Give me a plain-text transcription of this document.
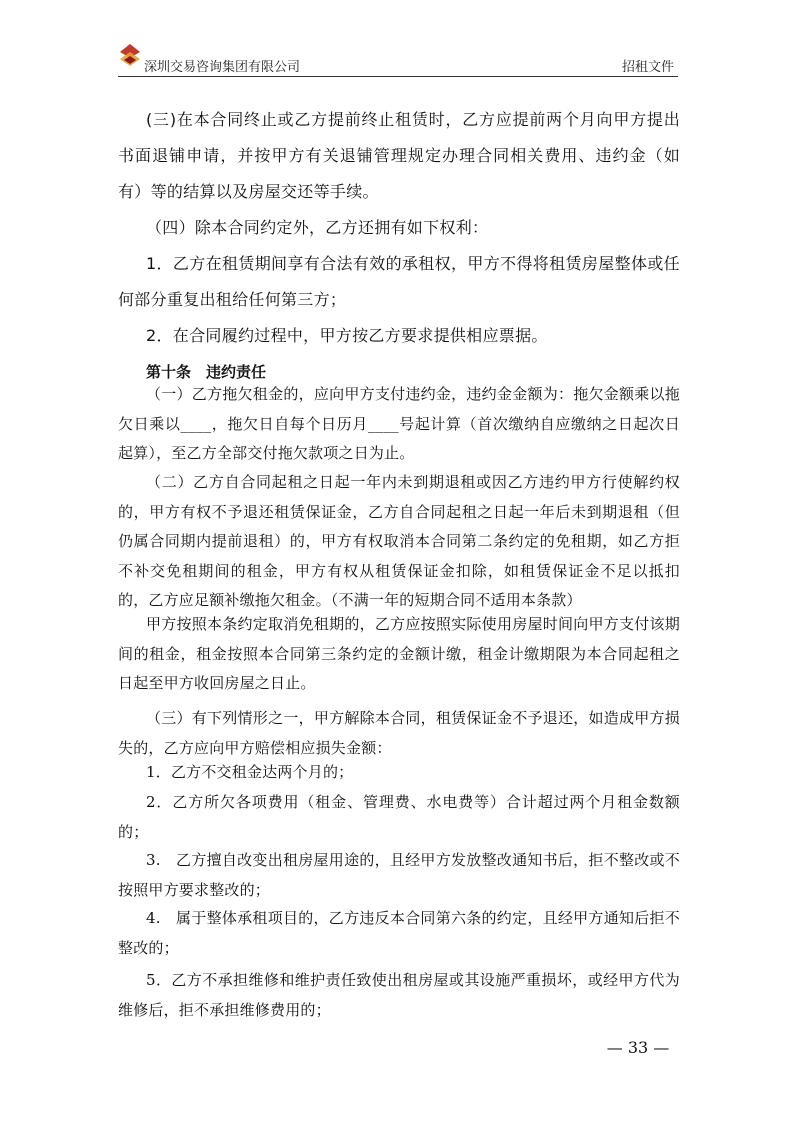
深圳交易咨询集团有限公司	招租文件

(三)在本合同终止或乙方提前终止租赁时，乙方应提前两个月向甲方提出书面退铺申请，并按甲方有关退铺管理规定办理合同相关费用、违约金（如有）等的结算以及房屋交还等手续。

（四）除本合同约定外，乙方还拥有如下权利：

1．乙方在租赁期间享有合法有效的承租权，甲方不得将租赁房屋整体或任何部分重复出租给任何第三方；

2．在合同履约过程中，甲方按乙方要求提供相应票据。

第十条　违约责任

（一）乙方拖欠租金的，应向甲方支付违约金，违约金金额为：拖欠金额乘以拖欠日乘以____，拖欠日自每个日历月____号起计算（首次缴纳自应缴纳之日起次日起算），至乙方全部交付拖欠款项之日为止。

（二）乙方自合同起租之日起一年内未到期退租或因乙方违约甲方行使解约权的，甲方有权不予退还租赁保证金，乙方自合同起租之日起一年后未到期退租（但仍属合同期内提前退租）的，甲方有权取消本合同第二条约定的免租期，如乙方拒不补交免租期间的租金，甲方有权从租赁保证金扣除，如租赁保证金不足以抵扣的，乙方应足额补缴拖欠租金。（不满一年的短期合同不适用本条款）

甲方按照本条约定取消免租期的，乙方应按照实际使用房屋时间向甲方支付该期间的租金，租金按照本合同第三条约定的金额计缴，租金计缴期限为本合同起租之日起至甲方收回房屋之日止。

（三）有下列情形之一，甲方解除本合同，租赁保证金不予退还，如造成甲方损失的，乙方应向甲方赔偿相应损失金额：

1．乙方不交租金达两个月的；

2．乙方所欠各项费用（租金、管理费、水电费等）合计超过两个月租金数额的；

3.　乙方擅自改变出租房屋用途的，且经甲方发放整改通知书后，拒不整改或不按照甲方要求整改的；

4.　属于整体承租项目的，乙方违反本合同第六条的约定，且经甲方通知后拒不整改的；

5．乙方不承担维修和维护责任致使出租房屋或其设施严重损坏，或经甲方代为维修后，拒不承担维修费用的；

— 33 —
